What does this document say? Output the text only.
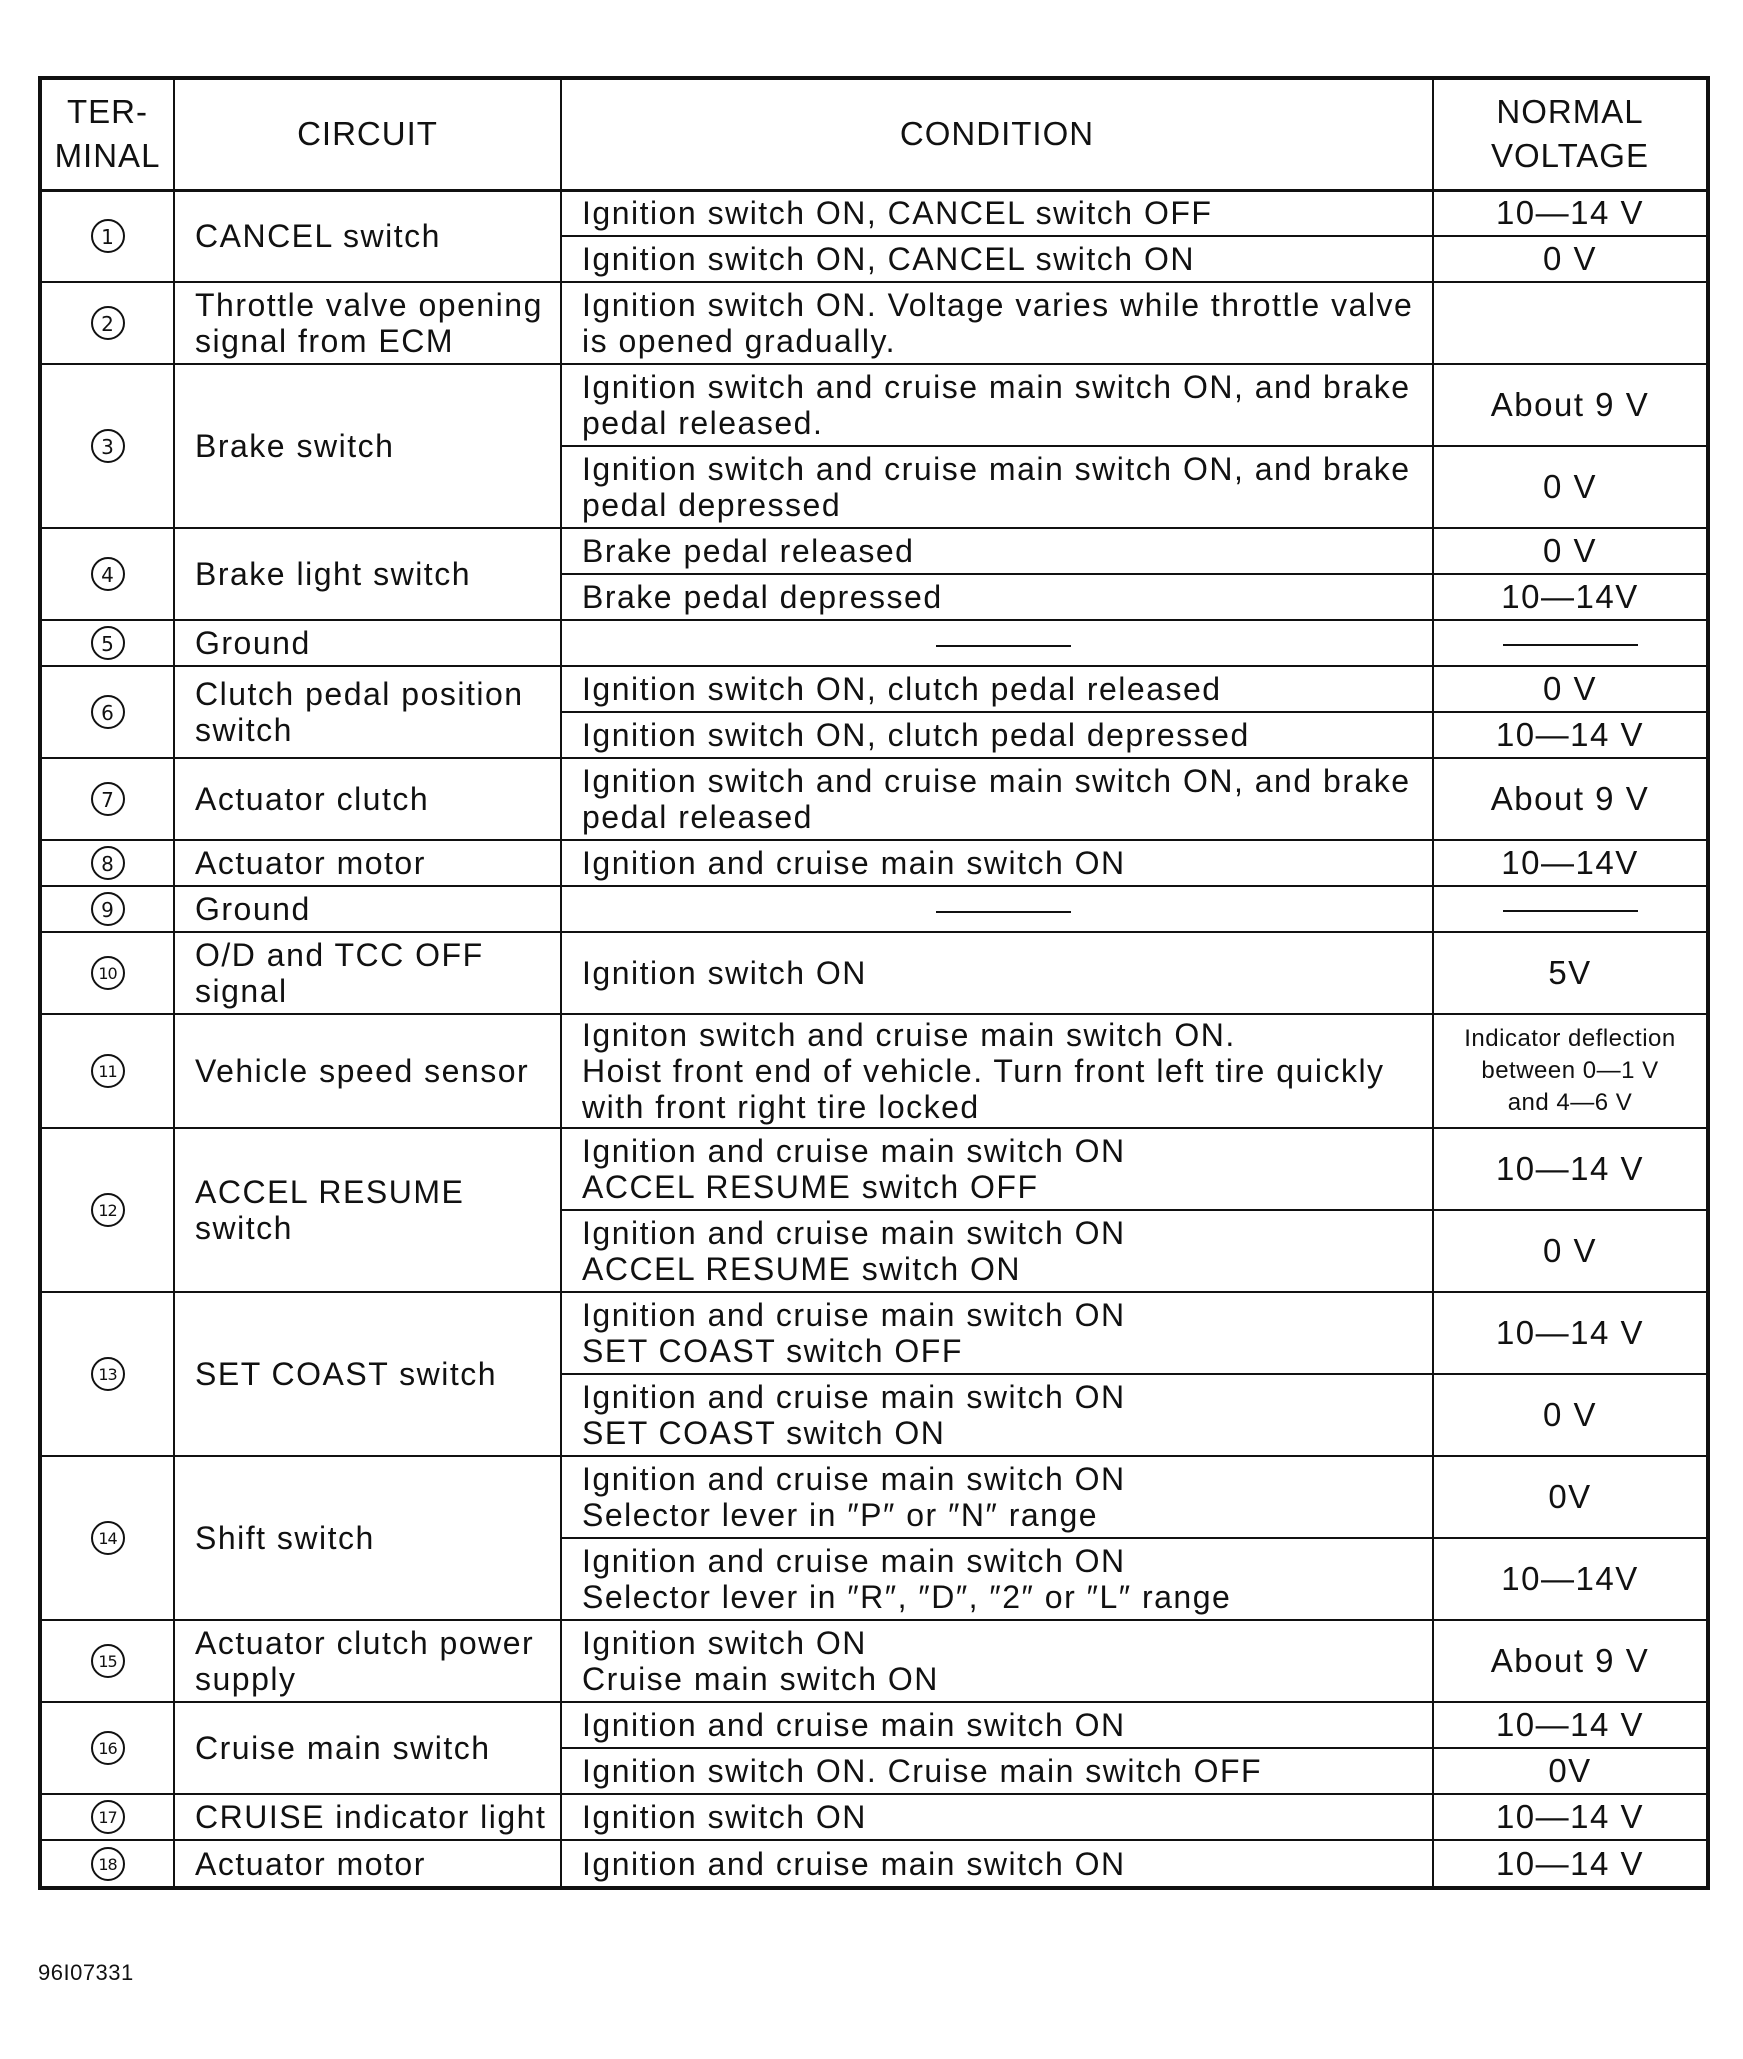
TER-
MINAL	CIRCUIT	CONDITION	NORMAL
VOLTAGE
1	CANCEL switch	Ignition switch ON, CANCEL switch OFF	10—14 V
		Ignition switch ON, CANCEL switch ON	0 V
2	Throttle valve opening signal from ECM	Ignition switch ON. Voltage varies while throttle valve is opened gradually.	
3	Brake switch	Ignition switch and cruise main switch ON, and brake pedal released.	About 9 V
		Ignition switch and cruise main switch ON, and brake pedal depressed	0 V
4	Brake light switch	Brake pedal released	0 V
		Brake pedal depressed	10—14V
5	Ground		
6	Clutch pedal position switch	Ignition switch ON, clutch pedal released	0 V
		Ignition switch ON, clutch pedal depressed	10—14 V
7	Actuator clutch	Ignition switch and cruise main switch ON, and brake pedal released	About 9 V
8	Actuator motor	Ignition and cruise main switch ON	10—14V
9	Ground		
10	O/D and TCC OFF signal	Ignition switch ON	5V
11	Vehicle speed sensor	Igniton switch and cruise main switch ON.
Hoist front end of vehicle. Turn front left tire quickly with front right tire locked	Indicator deflection
between 0—1 V
and 4—6 V
12	ACCEL RESUME switch	Ignition and cruise main switch ON
ACCEL RESUME switch OFF	10—14 V
		Ignition and cruise main switch ON
ACCEL RESUME switch ON	0 V
13	SET COAST switch	Ignition and cruise main switch ON
SET COAST switch OFF	10—14 V
		Ignition and cruise main switch ON
SET COAST switch ON	0 V
14	Shift switch	Ignition and cruise main switch ON
Selector lever in ″P″ or ″N″ range	0V
		Ignition and cruise main switch ON
Selector lever in ″R″, ″D″, ″2″ or ″L″ range	10—14V
15	Actuator clutch power supply	Ignition switch ON
Cruise main switch ON	About 9 V
16	Cruise main switch	Ignition and cruise main switch ON	10—14 V
		Ignition switch ON. Cruise main switch OFF	0V
17	CRUISE indicator light	Ignition switch ON	10—14 V
18	Actuator motor	Ignition and cruise main switch ON	10—14 V
96I07331
